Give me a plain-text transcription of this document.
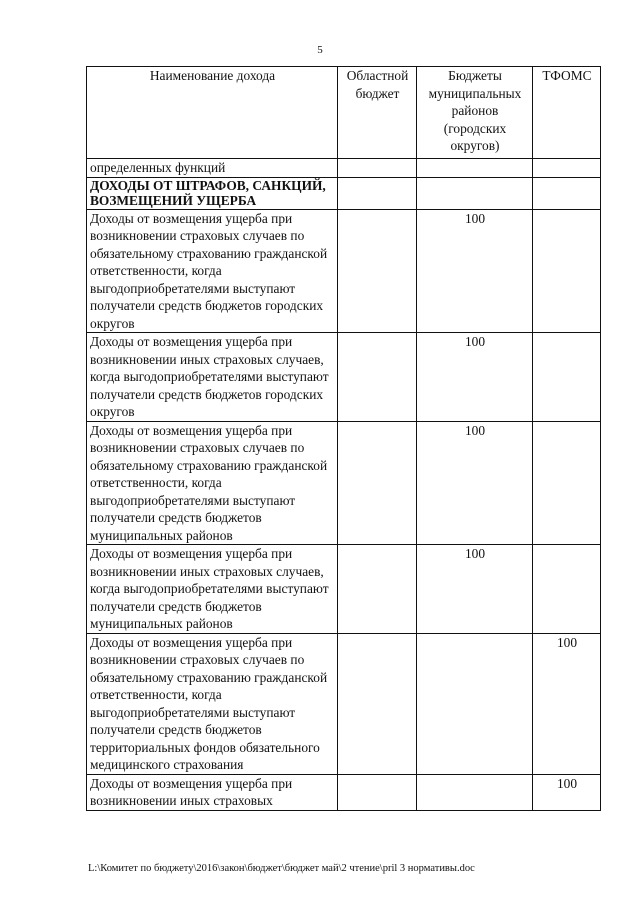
5
Наименование дохода	Областной бюджет	Бюджеты муниципальных районов (городских округов)	ТФОМС
определенных функций			
ДОХОДЫ ОТ ШТРАФОВ, САНКЦИЙ, ВОЗМЕЩЕНИЙ УЩЕРБА			
Доходы от возмещения ущерба при возникновении страховых случаев по обязательному страхованию гражданской ответственности, когда выгодоприобретателями выступают получатели средств бюджетов городских округов		100	
Доходы от возмещения ущерба при возникновении иных страховых случаев, когда выгодоприобретателями выступают получатели средств бюджетов городских округов		100	
Доходы от возмещения ущерба при возникновении страховых случаев по обязательному страхованию гражданской ответственности, когда выгодоприобретателями выступают получатели средств бюджетов муниципальных районов		100	
Доходы от возмещения ущерба при возникновении иных страховых случаев, когда выгодоприобретателями выступают получатели средств бюджетов муниципальных районов		100	
Доходы от возмещения ущерба при возникновении страховых случаев по обязательному страхованию гражданской ответственности, когда выгодоприобретателями выступают получатели средств бюджетов территориальных фондов обязательного медицинского страхования			100
Доходы от возмещения ущерба при возникновении иных страховых			100
L:\Комитет по бюджету\2016\закон\бюджет\бюджет май\2 чтение\pril 3 нормативы.doc
